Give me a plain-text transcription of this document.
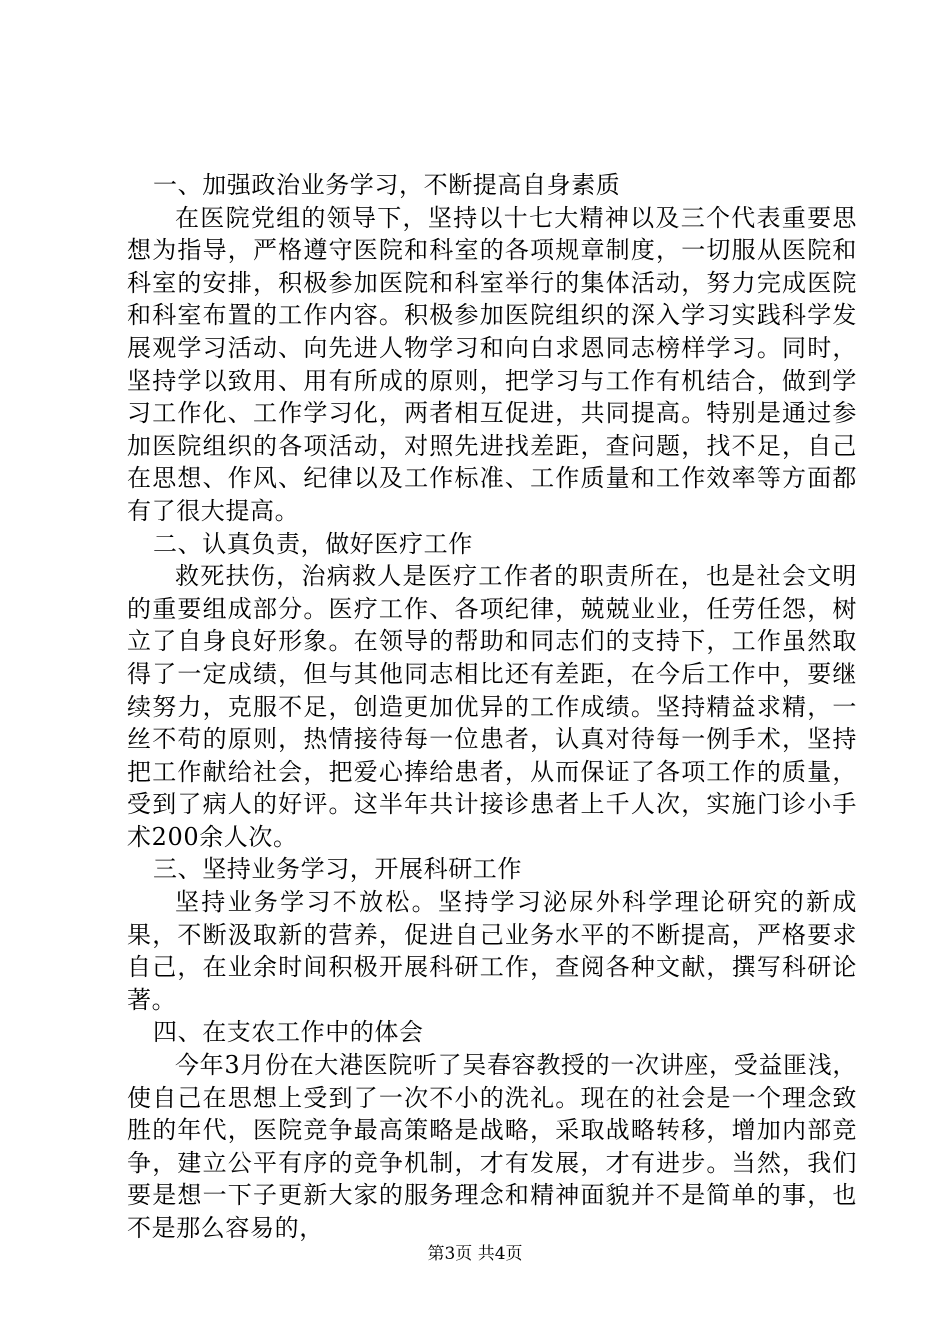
一、加强政治业务学习，不断提高自身素质

在医院党组的领导下，坚持以十七大精神以及三个代表重要思想为指导，严格遵守医院和科室的各项规章制度，一切服从医院和科室的安排，积极参加医院和科室举行的集体活动，努力完成医院和科室布置的工作内容。积极参加医院组织的深入学习实践科学发展观学习活动、向先进人物学习和向白求恩同志榜样学习。同时，坚持学以致用、用有所成的原则，把学习与工作有机结合，做到学习工作化、工作学习化，两者相互促进，共同提高。特别是通过参加医院组织的各项活动，对照先进找差距，查问题，找不足，自己在思想、作风、纪律以及工作标准、工作质量和工作效率等方面都有了很大提高。

二、认真负责，做好医疗工作

救死扶伤，治病救人是医疗工作者的职责所在，也是社会文明的重要组成部分。医疗工作、各项纪律，兢兢业业，任劳任怨，树立了自身良好形象。在领导的帮助和同志们的支持下，工作虽然取得了一定成绩，但与其他同志相比还有差距，在今后工作中，要继续努力，克服不足，创造更加优异的工作成绩。坚持精益求精，一丝不苟的原则，热情接待每一位患者，认真对待每一例手术，坚持把工作献给社会，把爱心捧给患者，从而保证了各项工作的质量，受到了病人的好评。这半年共计接诊患者上千人次，实施门诊小手术200余人次。

三、坚持业务学习，开展科研工作

坚持业务学习不放松。坚持学习泌尿外科学理论研究的新成果，不断汲取新的营养，促进自己业务水平的不断提高，严格要求自己，在业余时间积极开展科研工作，查阅各种文献，撰写科研论著。

四、在支农工作中的体会

今年3月份在大港医院听了吴春容教授的一次讲座，受益匪浅，使自己在思想上受到了一次不小的洗礼。现在的社会是一个理念致胜的年代，医院竞争最高策略是战略，采取战略转移，增加内部竞争，建立公平有序的竞争机制，才有发展，才有进步。当然，我们要是想一下子更新大家的服务理念和精神面貌并不是简单的事，也不是那么容易的，

第3页 共4页
